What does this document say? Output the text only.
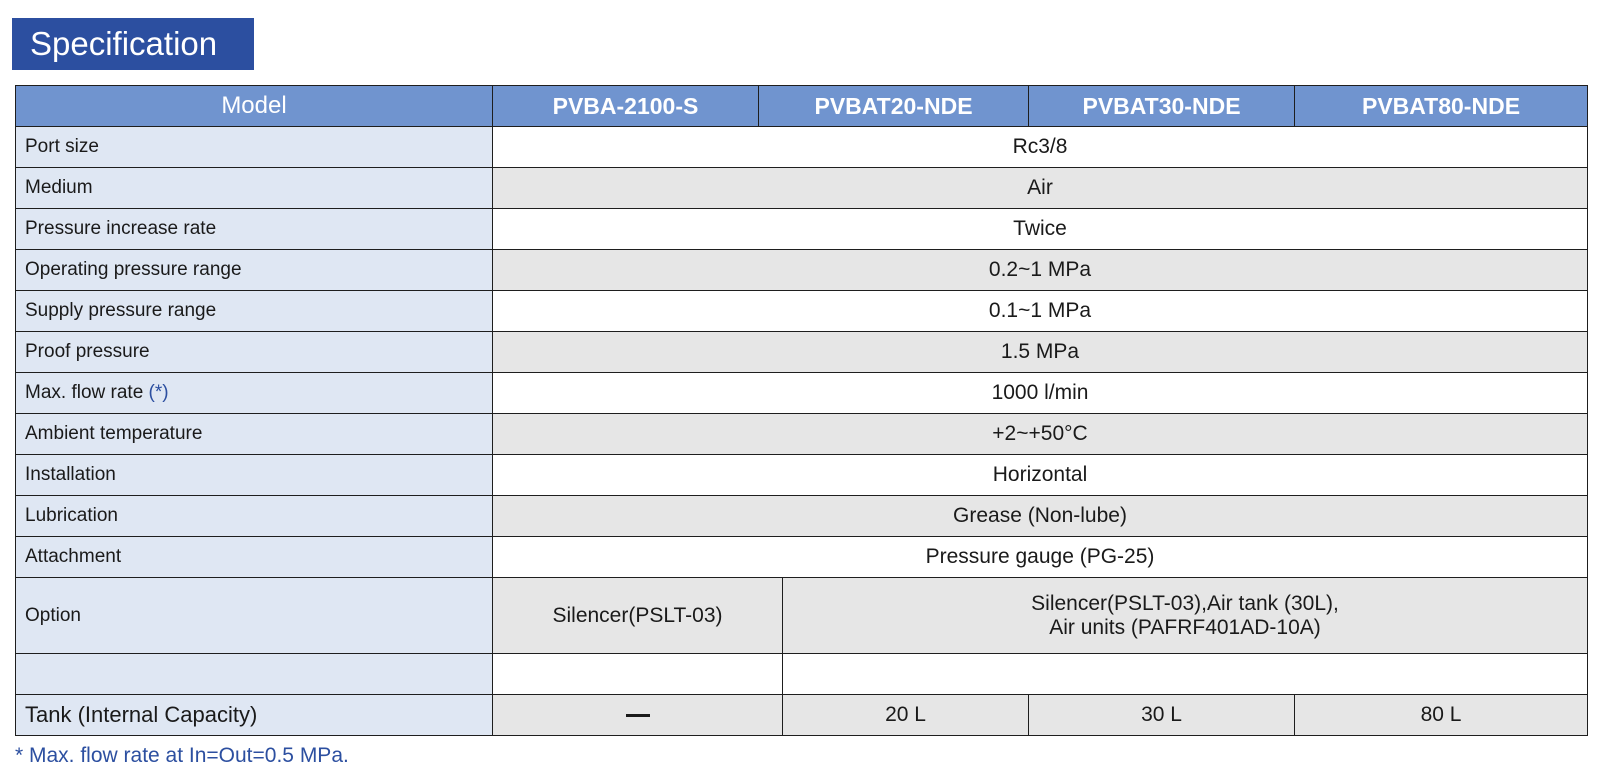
Specification
Model	PVBA-2100-S	PVBAT20-NDE		PVBAT30-NDE	PVBAT80-NDE
Port size	Rc3/8				
Medium	Air				
Pressure increase rate	Twice				
Operating pressure range	0.2~1 MPa				
Supply pressure range	0.1~1 MPa				
Proof pressure	1.5 MPa				
Max. flow rate (*)	1000 l/min				
Ambient temperature	+2~+50°C				
Installation	Horizontal				
Lubrication	Grease (Non-lube)				
Attachment	Pressure gauge (PG-25)				
Option	Silencer(PSLT-03)		Silencer(PSLT-03),Air tank (30L),
Air units (PAFRF401AD-10A)		

Tank (Internal Capacity)			20 L	30 L	80 L
* Max. flow rate at In=Out=0.5 MPa.
